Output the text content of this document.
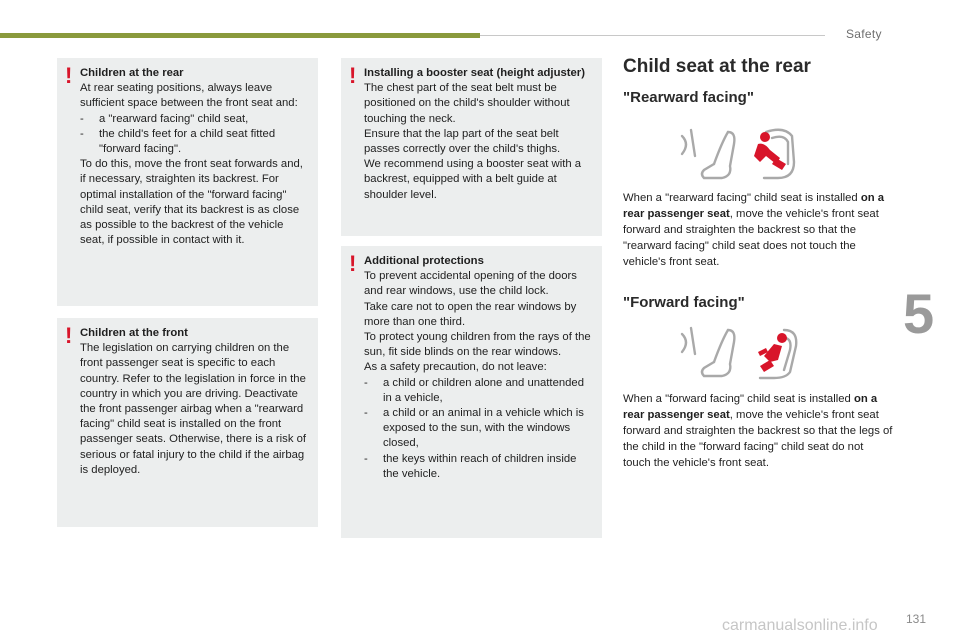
Safety
5
! Children at the rear

At rear seating positions, always leave sufficient space between the front seat and:

- a "rearward facing" child seat,
- the child's feet for a child seat fitted "forward facing".

To do this, move the front seat forwards and, if necessary, straighten its backrest. For optimal installation of the "forward facing" child seat, verify that its backrest is as close as possible to the backrest of the vehicle seat, if possible in contact with it.

! Children at the front

The legislation on carrying children on the front passenger seat is specific to each country. Refer to the legislation in force in the country in which you are driving. Deactivate the front passenger airbag when a "rearward facing" child seat is installed on the front passenger seats. Otherwise, there is a risk of serious or fatal injury to the child if the airbag is deployed.

! Installing a booster seat (height adjuster)

The chest part of the seat belt must be positioned on the child's shoulder without touching the neck.

Ensure that the lap part of the seat belt passes correctly over the child's thighs.

We recommend using a booster seat with a backrest, equipped with a belt guide at shoulder level.

! Additional protections

To prevent accidental opening of the doors and rear windows, use the child lock.

Take care not to open the rear windows by more than one third.

To protect young children from the rays of the sun, fit side blinds on the rear windows.

As a safety precaution, do not leave:

- a child or children alone and unattended in a vehicle,
- a child or an animal in a vehicle which is exposed to the sun, with the windows closed,
- the keys within reach of children inside the vehicle.
Child seat at the rear
"Rearward facing"

When a "rearward facing" child seat is installed on a rear passenger seat, move the vehicle's front seat forward and straighten the backrest so that the "rearward facing" child seat does not touch the vehicle's front seat.

"Forward facing"

When a "forward facing" child seat is installed on a rear passenger seat, move the vehicle's front seat forward and straighten the backrest so that the legs of the child in the "forward facing" child seat do not touch the vehicle's front seat.

carmanualsonline.info 131
